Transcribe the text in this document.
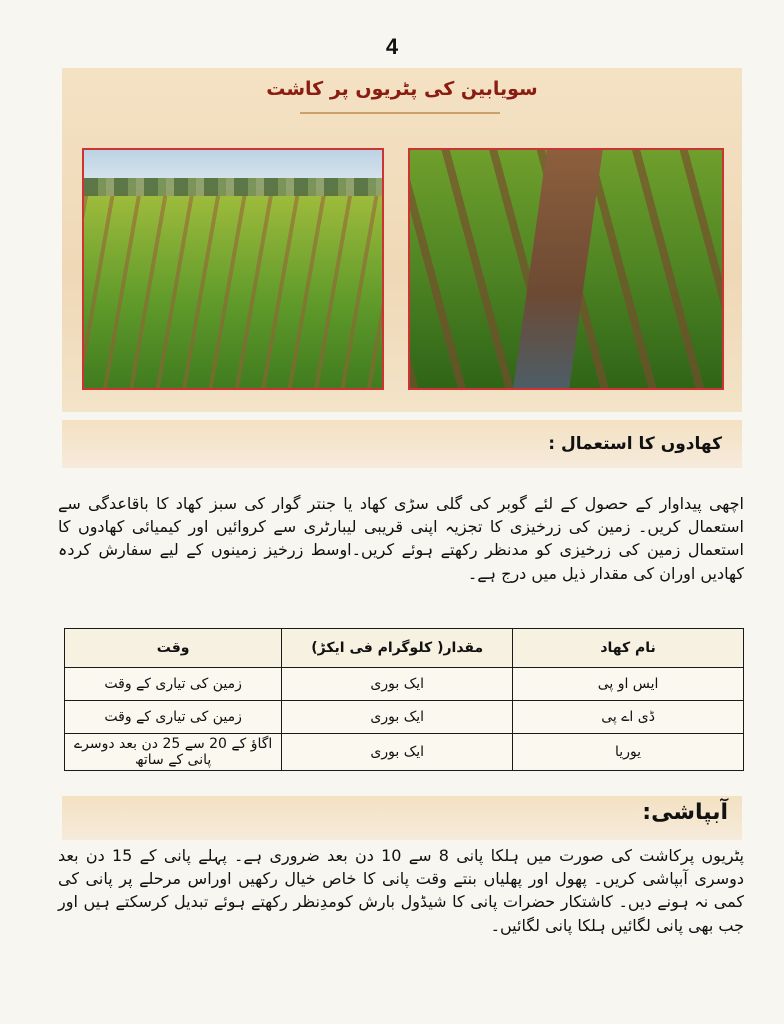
4
سویابین کی پٹریوں پر کاشت
کھادوں کا استعمال :
اچھی پیداوار کے حصول کے لئے گوبر کی گلی سڑی کھاد یا جنتر گوار کی سبز کھاد کا باقاعدگی سے استعمال کریں۔ زمین کی زرخیزی کا تجزیہ اپنی قریبی لیبارٹری سے کروائیں اور کیمیائی کھادوں کا استعمال زمین کی زرخیزی کو مدنظر رکھتے ہوئے کریں۔اوسط زرخیز زمینوں کے لیے سفارش کردہ کھادیں اوران کی مقدار ذیل میں درج ہے۔
نام کھاد	مقدار( کلوگرام فی ایکڑ)	وقت
ایس او پی	ایک بوری	زمین کی تیاری کے وقت
ڈی اے پی	ایک بوری	زمین کی تیاری کے وقت
یوریا	ایک بوری	اگاؤ کے 20 سے 25 دن بعد دوسرے پانی کے ساتھ
آبپاشی:
پٹریوں پرکاشت کی صورت میں ہلکا پانی 8 سے 10 دن بعد ضروری ہے۔ پہلے پانی کے 15 دن بعد دوسری آبپاشی کریں۔ پھول اور پھلیاں بنتے وقت پانی کا خاص خیال رکھیں اوراس مرحلے پر پانی کی کمی نہ ہونے دیں۔ کاشتکار حضرات پانی کا شیڈول بارش کومدِنظر رکھتے ہوئے تبدیل کرسکتے ہیں اور جب بھی پانی لگائیں ہلکا پانی لگائیں۔
